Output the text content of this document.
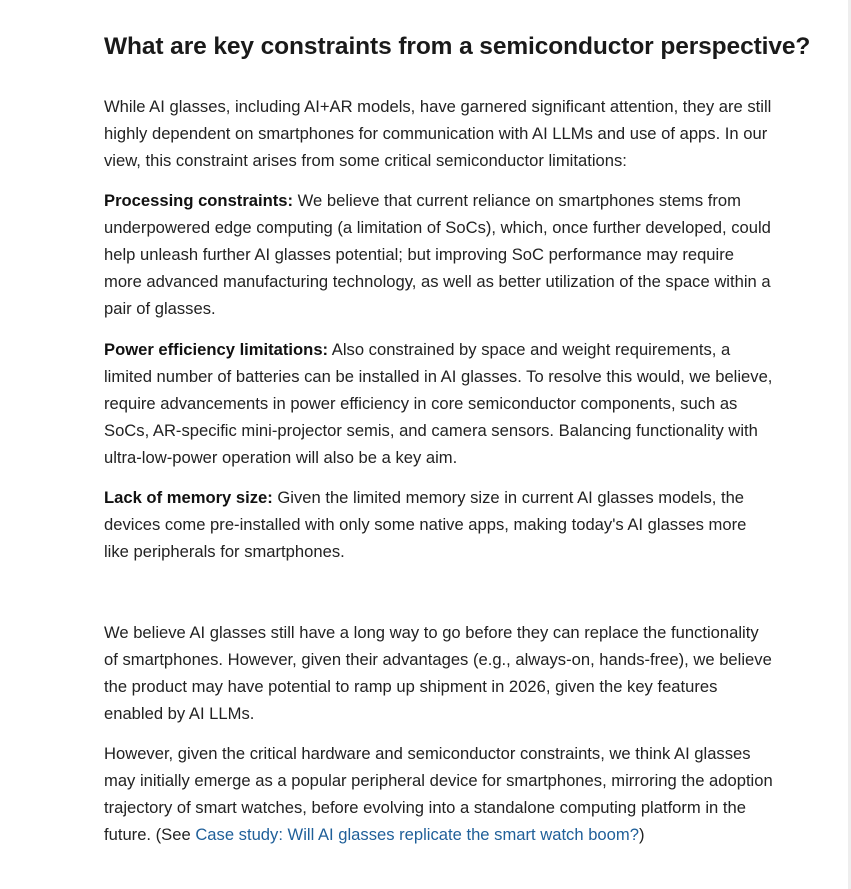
What are key constraints from a semiconductor perspective?

While AI glasses, including AI+AR models, have garnered significant attention, they are still highly dependent on smartphones for communication with AI LLMs and use of apps. In our view, this constraint arises from some critical semiconductor limitations:

Processing constraints: We believe that current reliance on smartphones stems from underpowered edge computing (a limitation of SoCs), which, once further developed, could help unleash further AI glasses potential; but improving SoC performance may require more advanced manufacturing technology, as well as better utilization of the space within a pair of glasses.

Power efficiency limitations: Also constrained by space and weight requirements, a limited number of batteries can be installed in AI glasses. To resolve this would, we believe, require advancements in power efficiency in core semiconductor components, such as SoCs, AR-specific mini-projector semis, and camera sensors. Balancing functionality with ultra-low-power operation will also be a key aim.

Lack of memory size: Given the limited memory size in current AI glasses models, the devices come pre-installed with only some native apps, making today's AI glasses more like peripherals for smartphones.

We believe AI glasses still have a long way to go before they can replace the functionality of smartphones. However, given their advantages (e.g., always-on, hands-free), we believe the product may have potential to ramp up shipment in 2026, given the key features enabled by AI LLMs.

However, given the critical hardware and semiconductor constraints, we think AI glasses may initially emerge as a popular peripheral device for smartphones, mirroring the adoption trajectory of smart watches, before evolving into a standalone computing platform in the future. (See Case study: Will AI glasses replicate the smart watch boom?)
